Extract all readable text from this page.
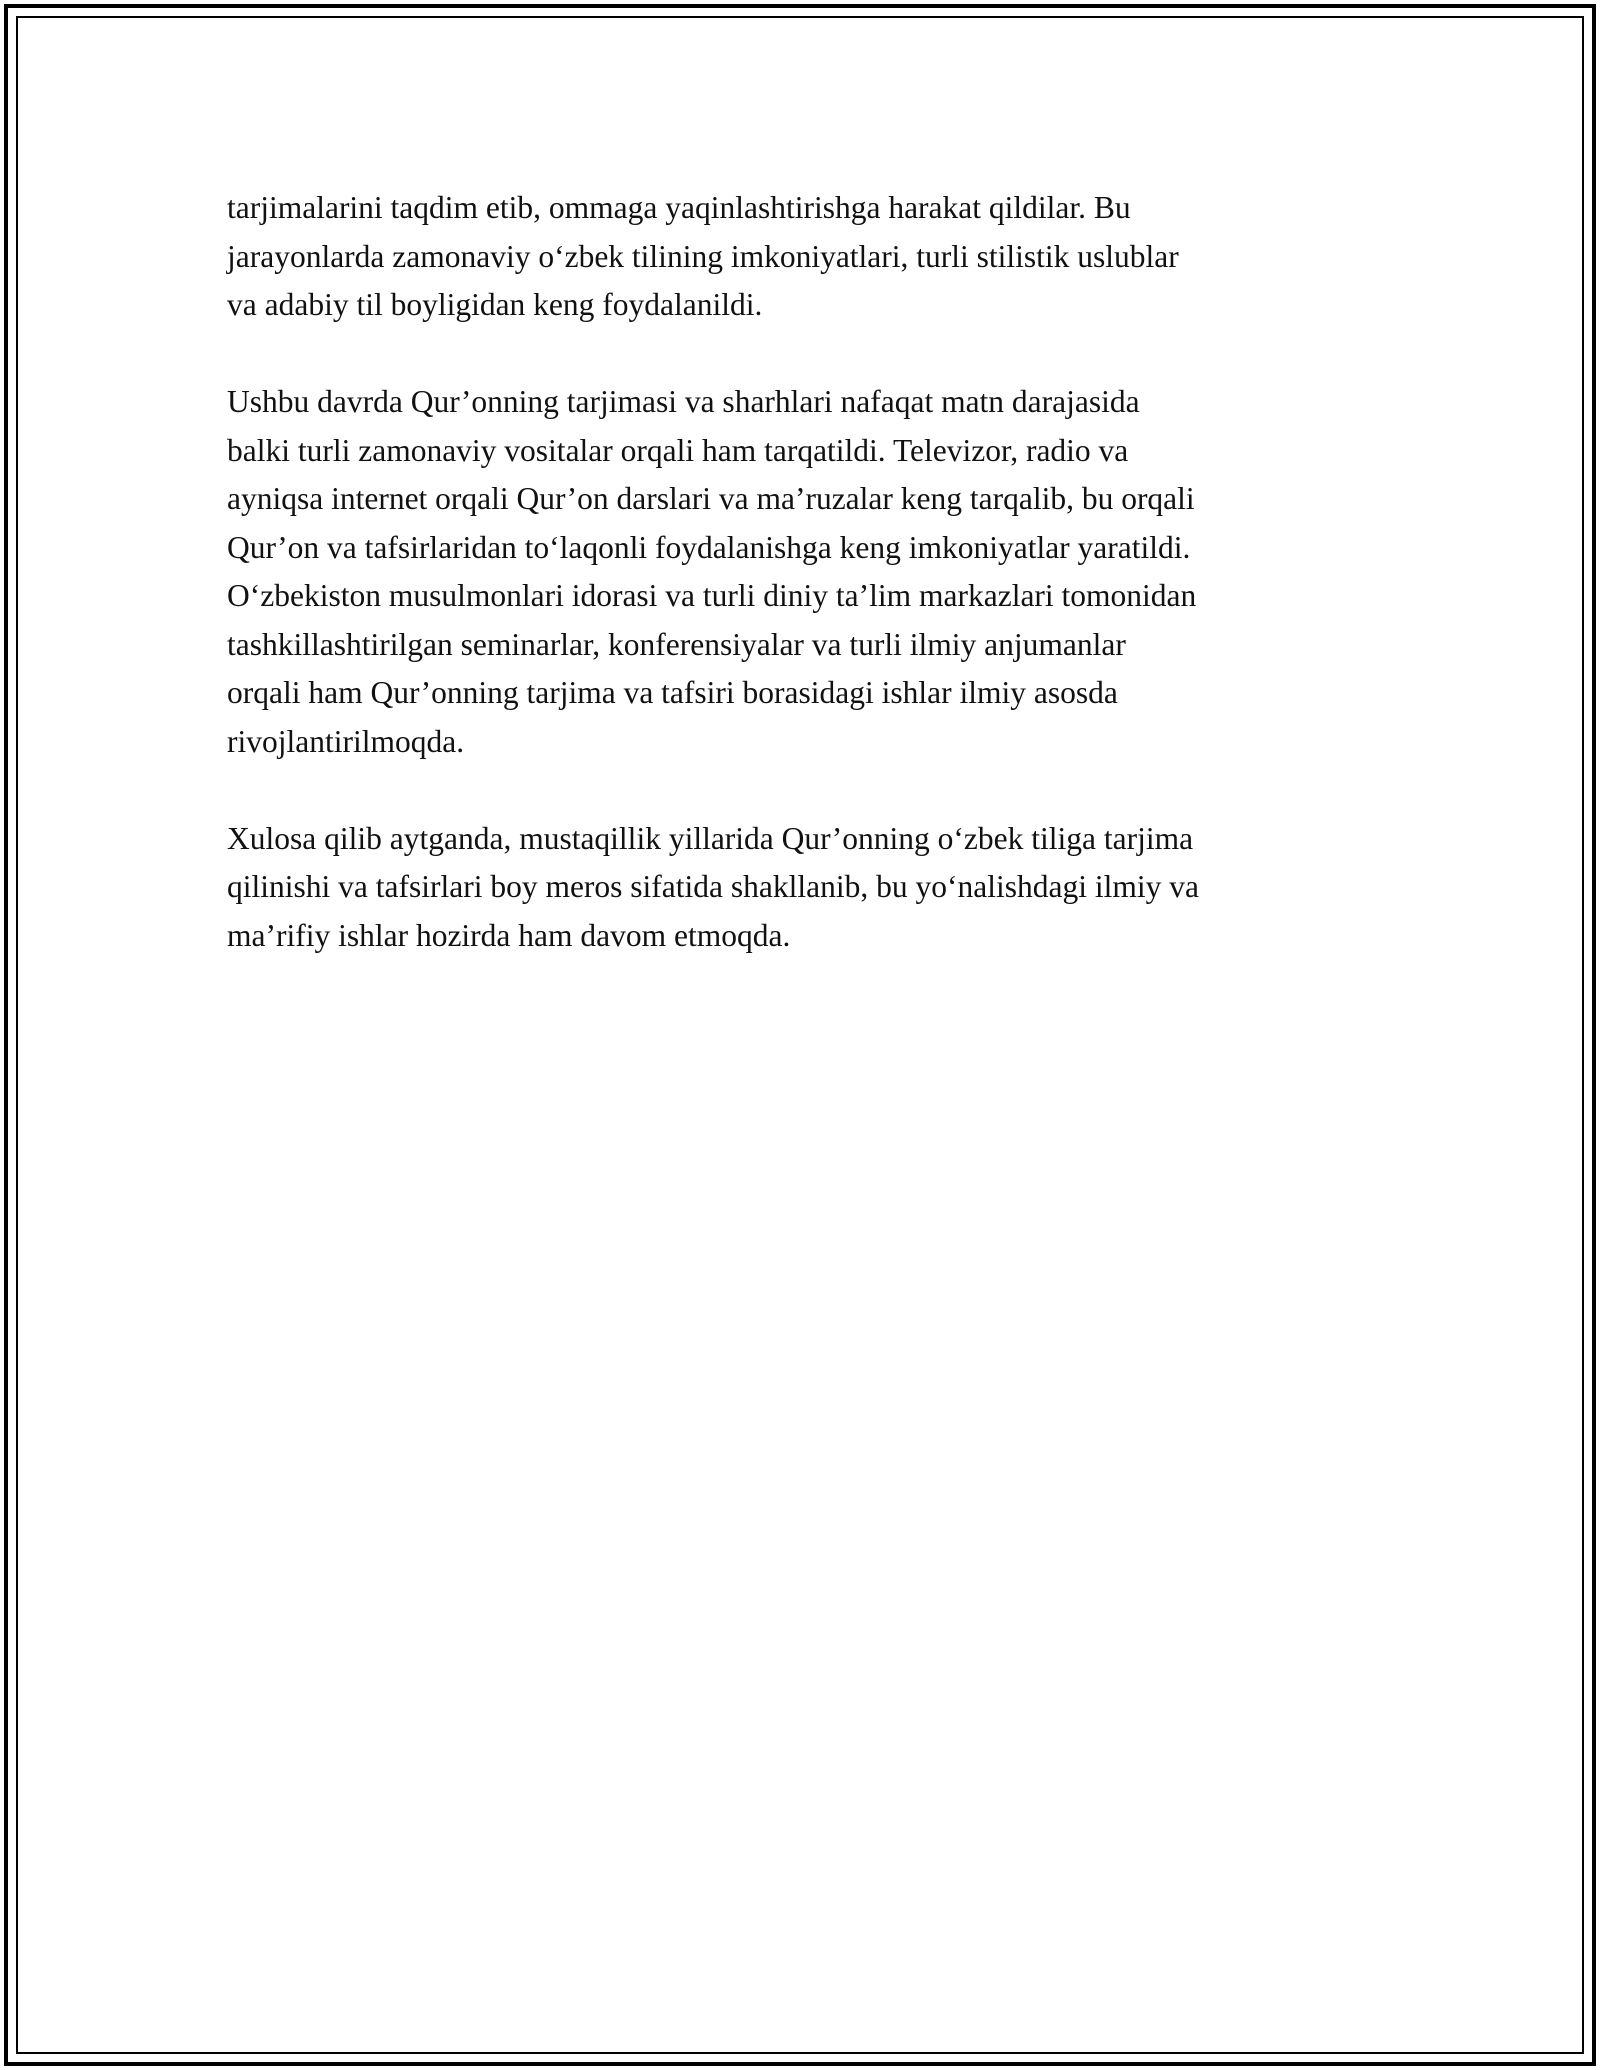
tarjimalarini taqdim etib, ommaga yaqinlashtirishga harakat qildilar. Bu
jarayonlarda zamonaviy o‘zbek tilining imkoniyatlari, turli stilistik uslublar
va adabiy til boyligidan keng foydalanildi.

Ushbu davrda Qur’onning tarjimasi va sharhlari nafaqat matn darajasida
balki turli zamonaviy vositalar orqali ham tarqatildi. Televizor, radio va
ayniqsa internet orqali Qur’on darslari va ma’ruzalar keng tarqalib, bu orqali
Qur’on va tafsirlaridan to‘laqonli foydalanishga keng imkoniyatlar yaratildi.
O‘zbekiston musulmonlari idorasi va turli diniy ta’lim markazlari tomonidan
tashkillashtirilgan seminarlar, konferensiyalar va turli ilmiy anjumanlar
orqali ham Qur’onning tarjima va tafsiri borasidagi ishlar ilmiy asosda
rivojlantirilmoqda.

Xulosa qilib aytganda, mustaqillik yillarida Qur’onning o‘zbek tiliga tarjima
qilinishi va tafsirlari boy meros sifatida shakllanib, bu yo‘nalishdagi ilmiy va
ma’rifiy ishlar hozirda ham davom etmoqda.
